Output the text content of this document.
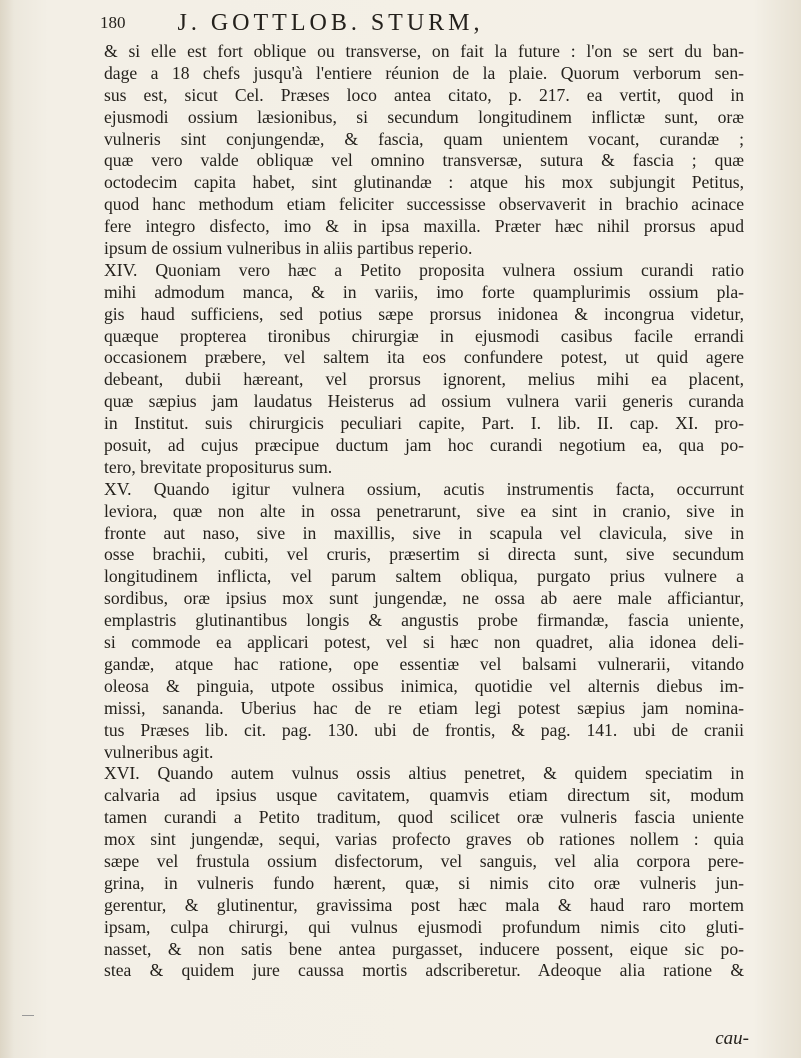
180 J. GOTTLOB. STURM,
& si elle est fort oblique ou transverse, on fait la future : l'on se sert du ban-
dage a 18 chefs jusqu'à l'entiere réunion de la plaie. Quorum verborum sen-
sus est, sicut Cel. Præses loco antea citato, p. 217. ea vertit, quod in
ejusmodi ossium læsionibus, si secundum longitudinem inflictæ sunt, oræ
vulneris sint conjungendæ, & fascia, quam unientem vocant, curandæ ;
quæ vero valde obliquæ vel omnino transversæ, sutura & fascia ; quæ
octodecim capita habet, sint glutinandæ : atque his mox subjungit Petitus,
quod hanc methodum etiam feliciter successisse observaverit in brachio acinace
fere integro disfecto, imo & in ipsa maxilla. Præter hæc nihil prorsus apud
ipsum de ossium vulneribus in aliis partibus reperio.
XIV. Quoniam vero hæc a Petito proposita vulnera ossium curandi ratio
mihi admodum manca, & in variis, imo forte quamplurimis ossium pla-
gis haud sufficiens, sed potius sæpe prorsus inidonea & incongrua videtur,
quæque propterea tironibus chirurgiæ in ejusmodi casibus facile errandi
occasionem præbere, vel saltem ita eos confundere potest, ut quid agere
debeant, dubii hæreant, vel prorsus ignorent, melius mihi ea placent,
quæ sæpius jam laudatus Heisterus ad ossium vulnera varii generis curanda
in Institut. suis chirurgicis peculiari capite, Part. I. lib. II. cap. XI. pro-
posuit, ad cujus præcipue ductum jam hoc curandi negotium ea, qua po-
tero, brevitate propositurus sum.
XV. Quando igitur vulnera ossium, acutis instrumentis facta, occurrunt
leviora, quæ non alte in ossa penetrarunt, sive ea sint in cranio, sive in
fronte aut naso, sive in maxillis, sive in scapula vel clavicula, sive in
osse brachii, cubiti, vel cruris, præsertim si directa sunt, sive secundum
longitudinem inflicta, vel parum saltem obliqua, purgato prius vulnere a
sordibus, oræ ipsius mox sunt jungendæ, ne ossa ab aere male afficiantur,
emplastris glutinantibus longis & angustis probe firmandæ, fascia uniente,
si commode ea applicari potest, vel si hæc non quadret, alia idonea deli-
gandæ, atque hac ratione, ope essentiæ vel balsami vulnerarii, vitando
oleosa & pinguia, utpote ossibus inimica, quotidie vel alternis diebus im-
missi, sananda. Uberius hac de re etiam legi potest sæpius jam nomina-
tus Præses lib. cit. pag. 130. ubi de frontis, & pag. 141. ubi de cranii
vulneribus agit.
XVI. Quando autem vulnus ossis altius penetret, & quidem speciatim in
calvaria ad ipsius usque cavitatem, quamvis etiam directum sit, modum
tamen curandi a Petito traditum, quod scilicet oræ vulneris fascia uniente
mox sint jungendæ, sequi, varias profecto graves ob rationes nollem : quia
sæpe vel frustula ossium disfectorum, vel sanguis, vel alia corpora pere-
grina, in vulneris fundo hærent, quæ, si nimis cito oræ vulneris jun-
gerentur, & glutinentur, gravissima post hæc mala & haud raro mortem
ipsam, culpa chirurgi, qui vulnus ejusmodi profundum nimis cito gluti-
nasset, & non satis bene antea purgasset, inducere possent, eique sic po-
stea & quidem jure caussa mortis adscriberetur. Adeoque alia ratione &
cau-
